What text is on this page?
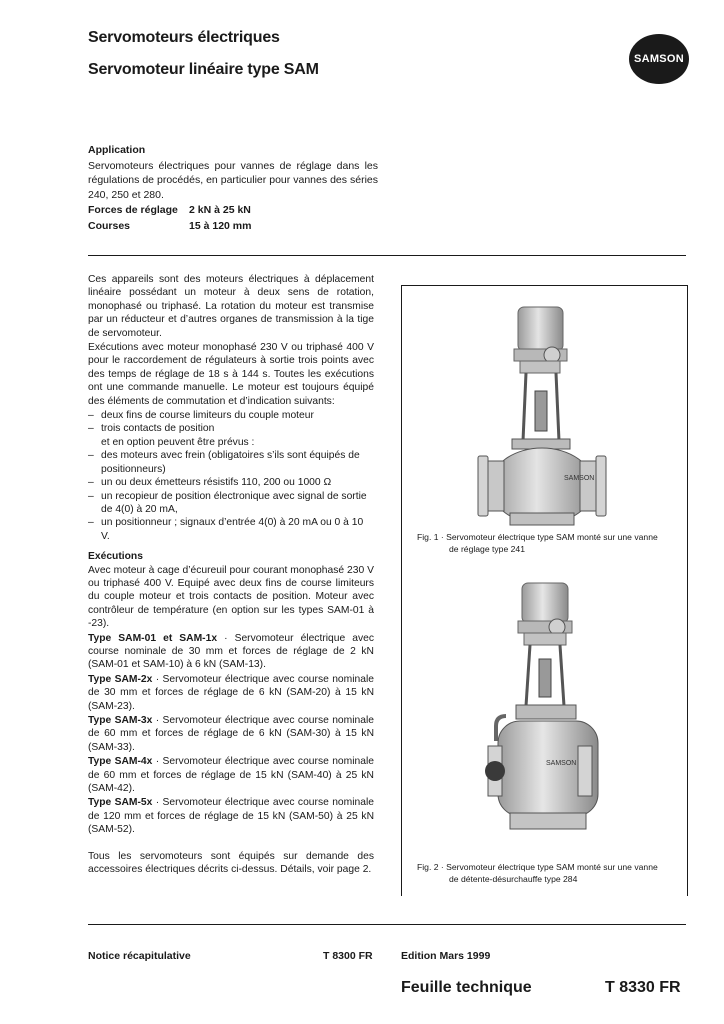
Servomoteurs électriques
Servomoteur linéaire type SAM
SAMSON
Application

Servomoteurs électriques pour vannes de réglage dans les régulations de procédés, en particulier pour vannes des séries 240, 250 et 280.

Forces de réglage	2 kN à 25 kN
Courses	15 à 120 mm

Ces appareils sont des moteurs électriques à déplacement linéaire possédant un moteur à deux sens de rotation, monophasé ou triphasé. La rotation du moteur est transmise par un réducteur et d’autres organes de transmission à la tige de servomoteur.

Exécutions avec moteur monophasé 230 V ou triphasé 400 V pour le raccordement de régulateurs à sortie trois points avec des temps de réglage de 18 s à 144 s. Toutes les exécutions ont une commande manuelle. Le moteur est toujours équipé des éléments de commutation et d’indication suivants:

– deux fins de course limiteurs du couple moteur
– trois contacts de position
et en option peuvent être prévus :
– des moteurs avec frein (obligatoires s’ils sont équipés de positionneurs)
– un ou deux émetteurs résistifs 110, 200 ou 1000 Ω
– un recopieur de position électronique avec signal de sortie de 4(0) à 20 mA,
– un positionneur ; signaux d’entrée 4(0) à 20 mA ou 0 à 10 V.
Exécutions

Avec moteur à cage d’écureuil pour courant monophasé 230 V ou triphasé 400 V. Equipé avec deux fins de course limiteurs du couple moteur et trois contacts de position. Moteur avec contrôleur de température (en option sur les types SAM-01 à -23).

Type SAM-01 et SAM-1x · Servomoteur électrique avec course nominale de 30 mm et forces de réglage de 2 kN (SAM-01 et SAM-10) à 6 kN (SAM-13).

Type SAM-2x · Servomoteur électrique avec course nominale de 30 mm et forces de réglage de 6 kN (SAM-20) à 15 kN (SAM-23).

Type SAM-3x · Servomoteur électrique avec course nominale de 60 mm et forces de réglage de 6 kN (SAM-30) à 15 kN (SAM-33).

Type SAM-4x · Servomoteur électrique avec course nominale de 60 mm et forces de réglage de 15 kN (SAM-40) à 25 kN (SAM-42).

Type SAM-5x · Servomoteur électrique avec course nominale de 120 mm et forces de réglage de 15 kN (SAM-50) à 25 kN (SAM-52).

Tous les servomoteurs sont équipés sur demande des accessoires électriques décrits ci-dessus. Détails, voir page 2.

SAMSON
Fig. 1 · Servomoteur électrique type SAM monté sur une vanne
de réglage type 241
SAMSON
Fig. 2 · Servomoteur électrique type SAM monté sur une vanne
de détente-désurchauffe type 284
Notice récapitulative	T 8300 FR	Edition Mars 1999
Feuille technique	T 8330 FR
